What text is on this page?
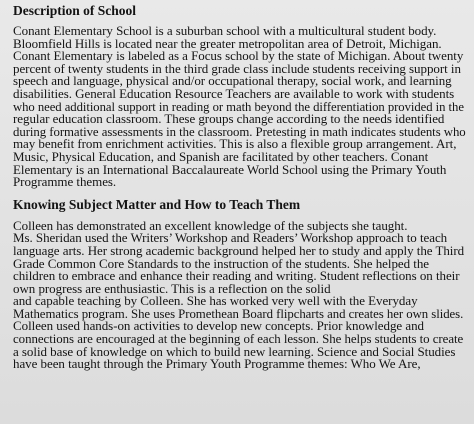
Description of School
Conant Elementary School is a suburban school with a multicultural student body.
Bloomfield Hills is located near the greater metropolitan area of Detroit, Michigan.
Conant Elementary is labeled as a Focus school by the state of Michigan. About twenty
percent of twenty students in the third grade class include students receiving support in
speech and language, physical and/or occupational therapy, social work, and learning
disabilities. General Education Resource Teachers are available to work with students
who need additional support in reading or math beyond the differentiation provided in the
regular education classroom. These groups change according to the needs identified
during formative assessments in the classroom. Pretesting in math indicates students who
may benefit from enrichment activities. This is also a flexible group arrangement. Art,
Music, Physical Education, and Spanish are facilitated by other teachers. Conant
Elementary is an International Baccalaureate World School using the Primary Youth
Programme themes.
Knowing Subject Matter and How to Teach Them
Colleen has demonstrated an excellent knowledge of the subjects she taught.
Ms. Sheridan used the Writers’ Workshop and Readers’ Workshop approach to teach
language arts. Her strong academic background helped her to study and apply the Third
Grade Common Core Standards to the instruction of the students. She helped the
children to embrace and enhance their reading and writing. Student reflections on their
own progress are enthusiastic. This is a reflection on the solid
and capable teaching by Colleen. She has worked very well with the Everyday
Mathematics program. She uses Promethean Board flipcharts and creates her own slides.
Colleen used hands-on activities to develop new concepts. Prior knowledge and
connections are encouraged at the beginning of each lesson. She helps students to create
a solid base of knowledge on which to build new learning. Science and Social Studies
have been taught through the Primary Youth Programme themes: Who We Are,
